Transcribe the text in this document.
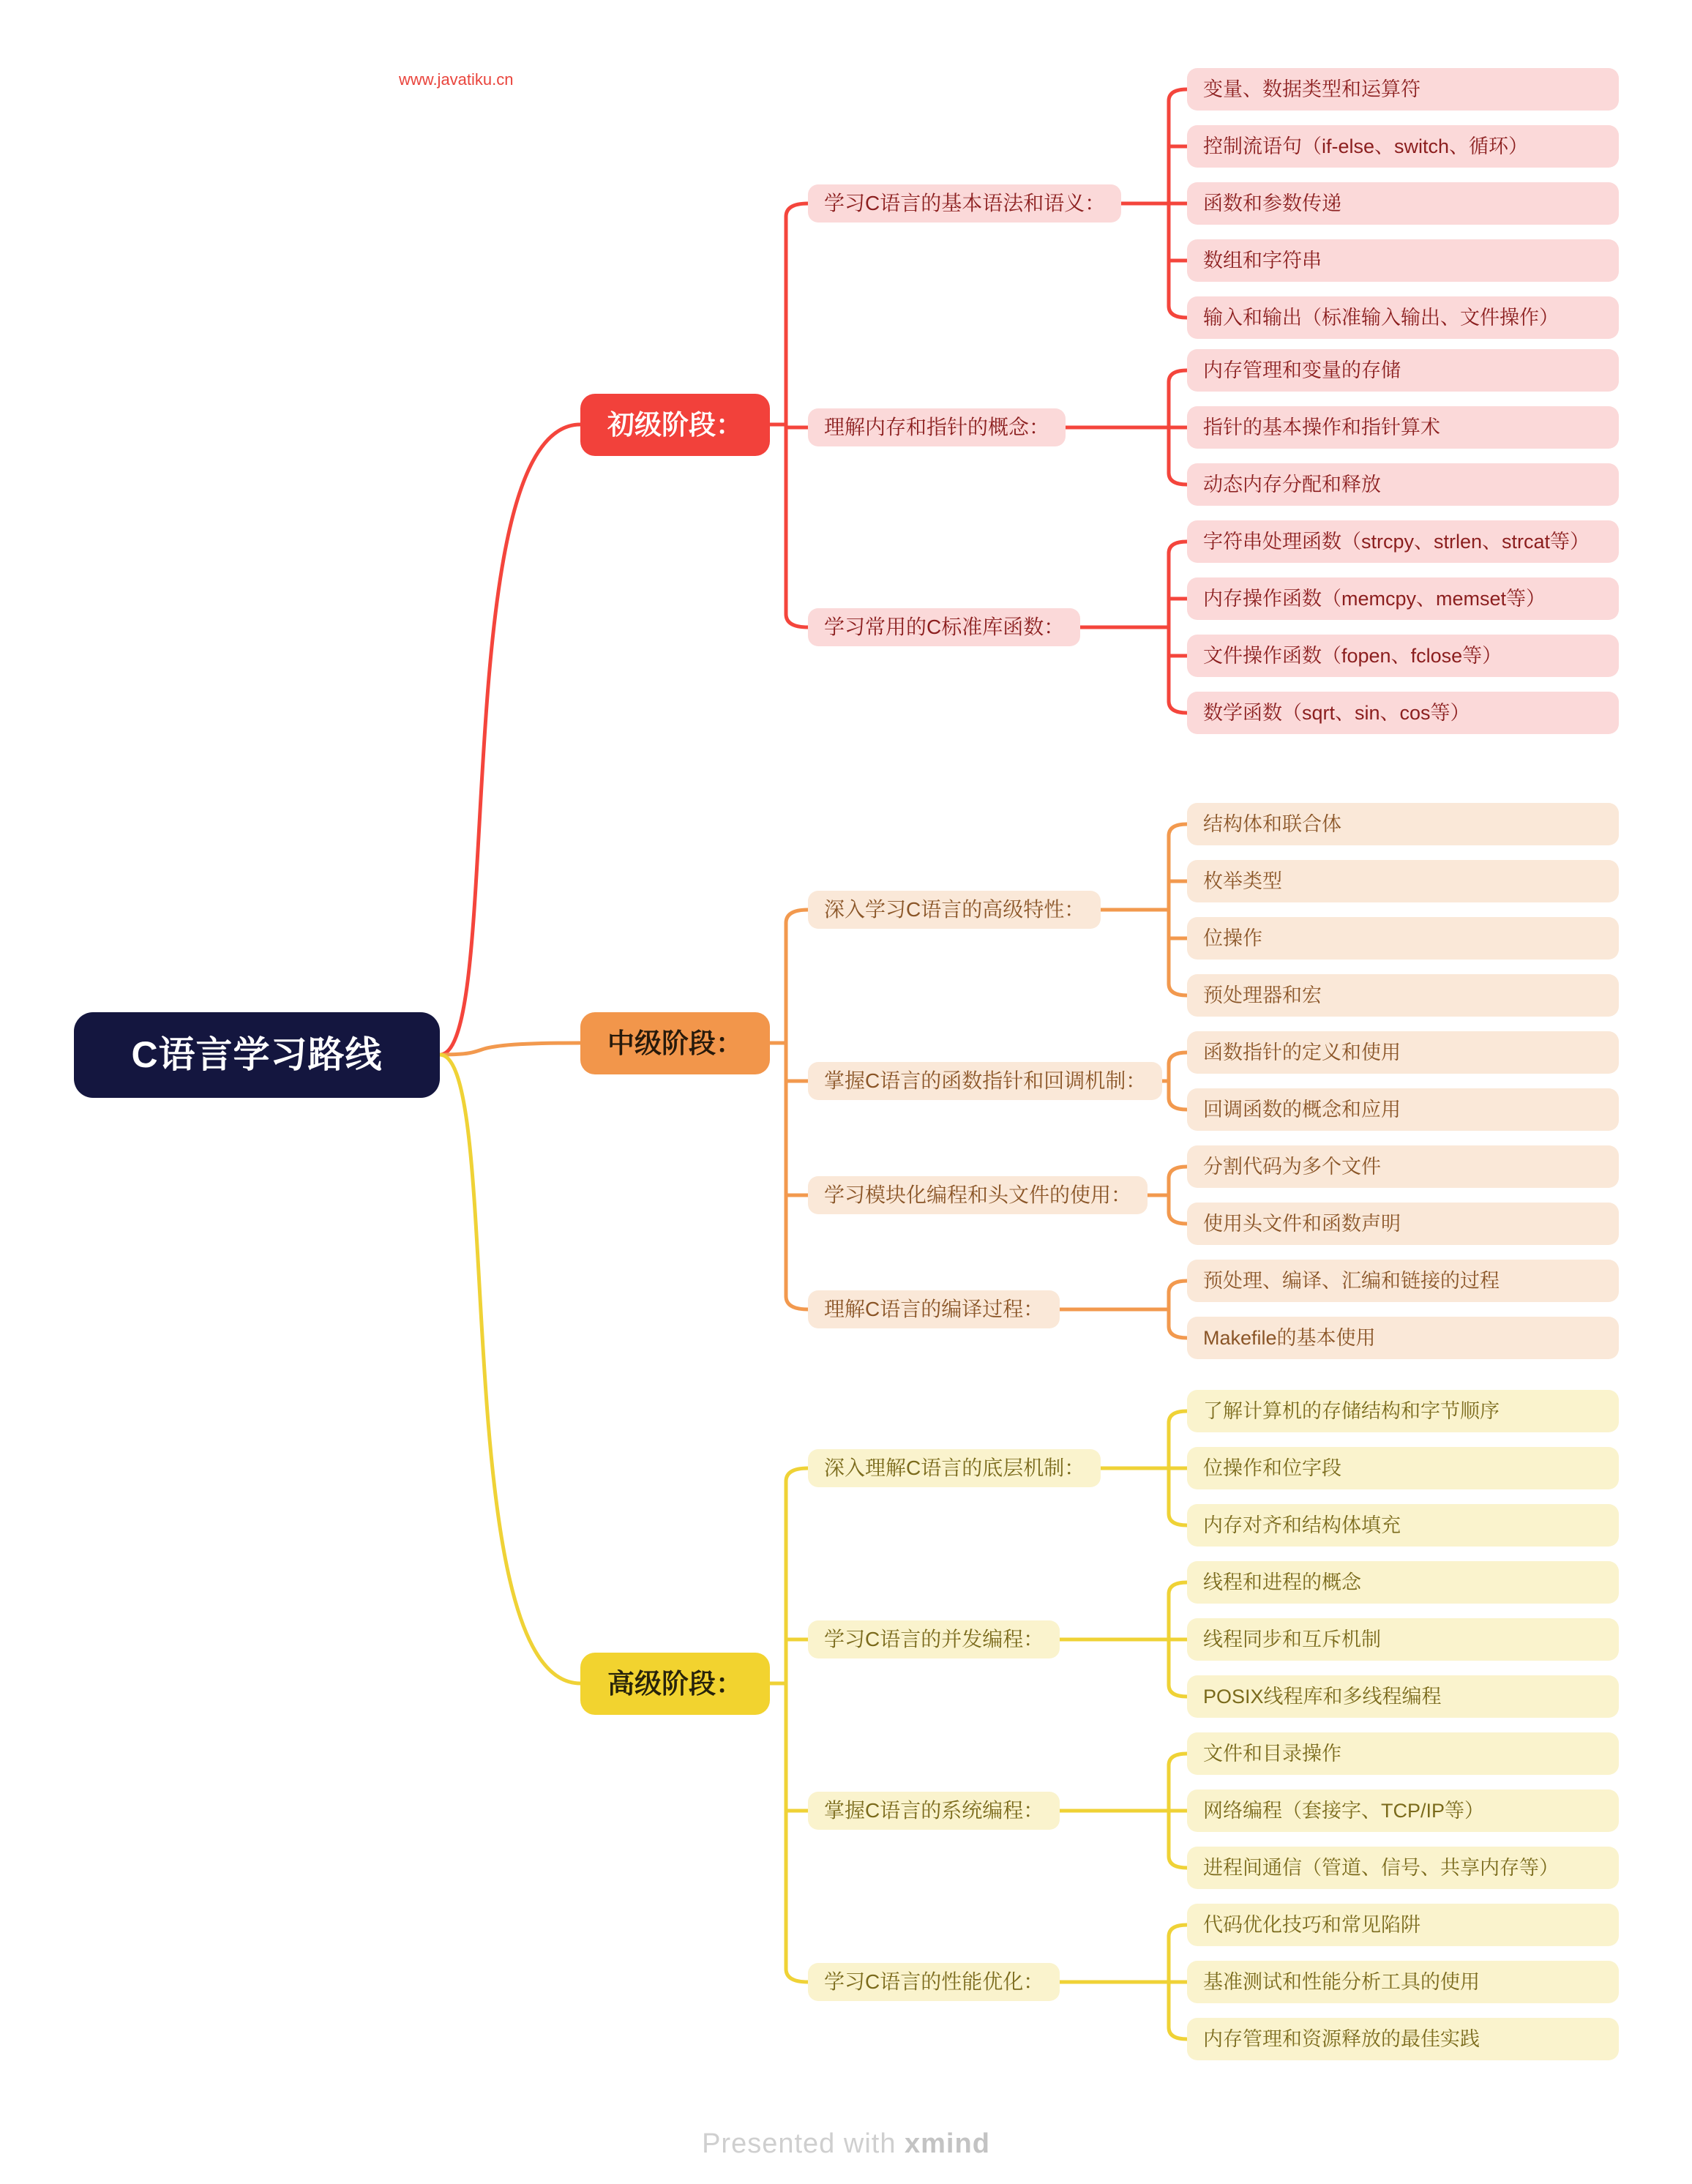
www.javatiku.cn
C语言学习路线
初级阶段：
学习C语言的基本语法和语义：
变量、数据类型和运算符
控制流语句（if-else、switch、循环）
函数和参数传递
数组和字符串
输入和输出（标准输入输出、文件操作）
理解内存和指针的概念：
内存管理和变量的存储
指针的基本操作和指针算术
动态内存分配和释放
学习常用的C标准库函数：
字符串处理函数（strcpy、strlen、strcat等）
内存操作函数（memcpy、memset等）
文件操作函数（fopen、fclose等）
数学函数（sqrt、sin、cos等）
中级阶段：
深入学习C语言的高级特性：
结构体和联合体
枚举类型
位操作
预处理器和宏
掌握C语言的函数指针和回调机制：
函数指针的定义和使用
回调函数的概念和应用
学习模块化编程和头文件的使用：
分割代码为多个文件
使用头文件和函数声明
理解C语言的编译过程：
预处理、编译、汇编和链接的过程
Makefile的基本使用
高级阶段：
深入理解C语言的底层机制：
了解计算机的存储结构和字节顺序
位操作和位字段
内存对齐和结构体填充
学习C语言的并发编程：
线程和进程的概念
线程同步和互斥机制
POSIX线程库和多线程编程
掌握C语言的系统编程：
文件和目录操作
网络编程（套接字、TCP/IP等）
进程间通信（管道、信号、共享内存等）
学习C语言的性能优化：
代码优化技巧和常见陷阱
基准测试和性能分析工具的使用
内存管理和资源释放的最佳实践
Presented with xmind
